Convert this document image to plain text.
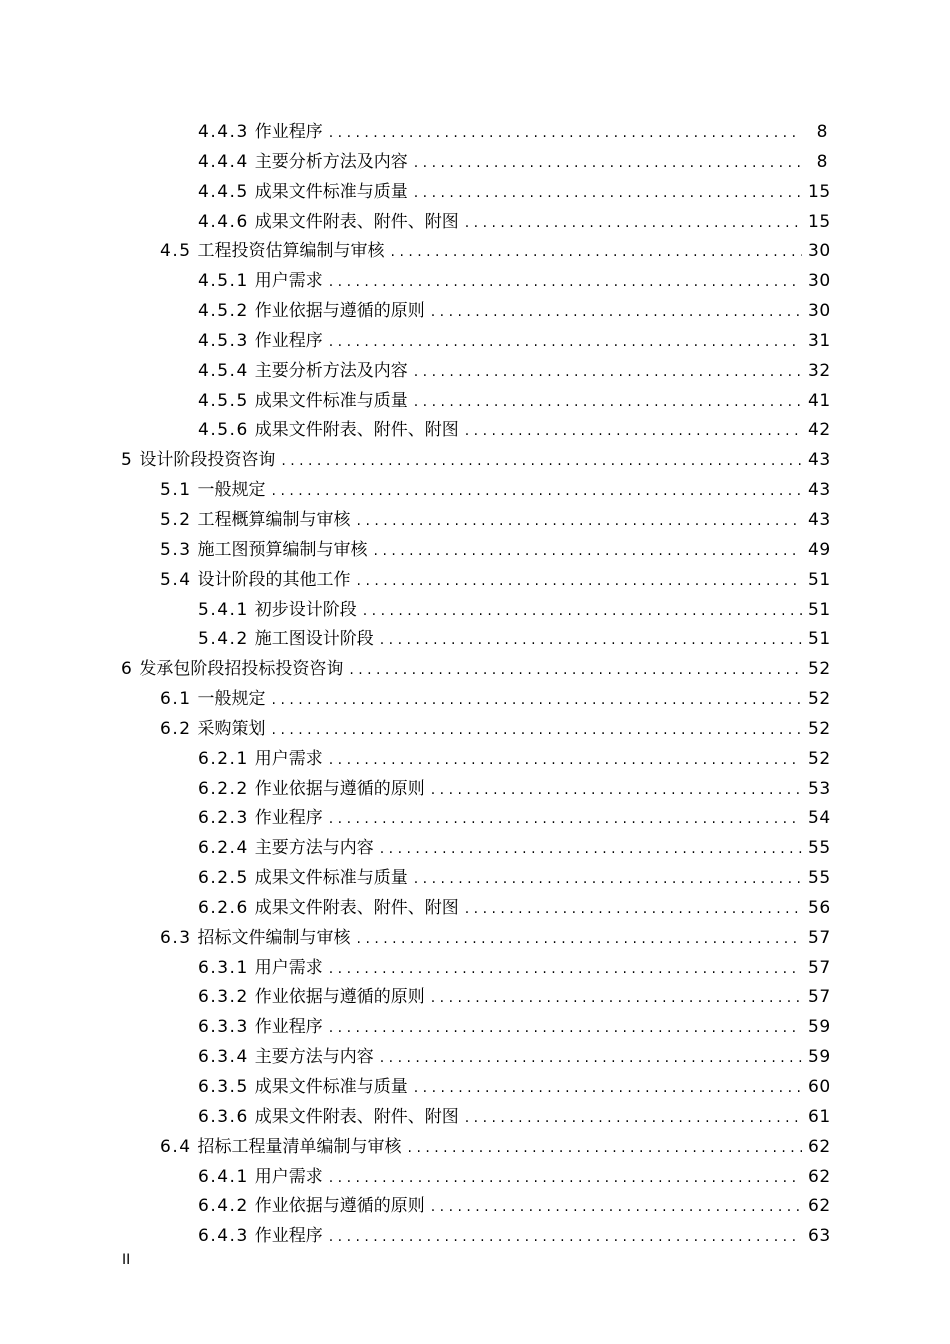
4.4.3 作业程序 . . .	8
4.4.4 主要分析方法及内容 . . .	8
4.4.5 成果文件标准与质量 . . .	15
4.4.6 成果文件附表、附件、附图 . . .	15
4.5 工程投资估算编制与审核 . . .	30
4.5.1 用户需求 . . .	30
4.5.2 作业依据与遵循的原则 . . .	30
4.5.3 作业程序 . . .	31
4.5.4 主要分析方法及内容 . . .	32
4.5.5 成果文件标准与质量 . . .	41
4.5.6 成果文件附表、附件、附图 . . .	42
5 设计阶段投资咨询 . . .	43
5.1 一般规定 . . .	43
5.2 工程概算编制与审核 . . .	43
5.3 施工图预算编制与审核 . . .	49
5.4 设计阶段的其他工作 . . .	51
5.4.1 初步设计阶段 . . .	51
5.4.2 施工图设计阶段 . . .	51
6 发承包阶段招投标投资咨询 . . .	52
6.1 一般规定 . . .	52
6.2 采购策划 . . .	52
6.2.1 用户需求 . . .	52
6.2.2 作业依据与遵循的原则 . . .	53
6.2.3 作业程序 . . .	54
6.2.4 主要方法与内容 . . .	55
6.2.5 成果文件标准与质量 . . .	55
6.2.6 成果文件附表、附件、附图 . . .	56
6.3 招标文件编制与审核 . . .	57
6.3.1 用户需求 . . .	57
6.3.2 作业依据与遵循的原则 . . .	57
6.3.3 作业程序 . . .	59
6.3.4 主要方法与内容 . . .	59
6.3.5 成果文件标准与质量 . . .	60
6.3.6 成果文件附表、附件、附图 . . .	61
6.4 招标工程量清单编制与审核 . . .	62
6.4.1 用户需求 . . .	62
6.4.2 作业依据与遵循的原则 . . .	62
6.4.3 作业程序 . . .	63
II
